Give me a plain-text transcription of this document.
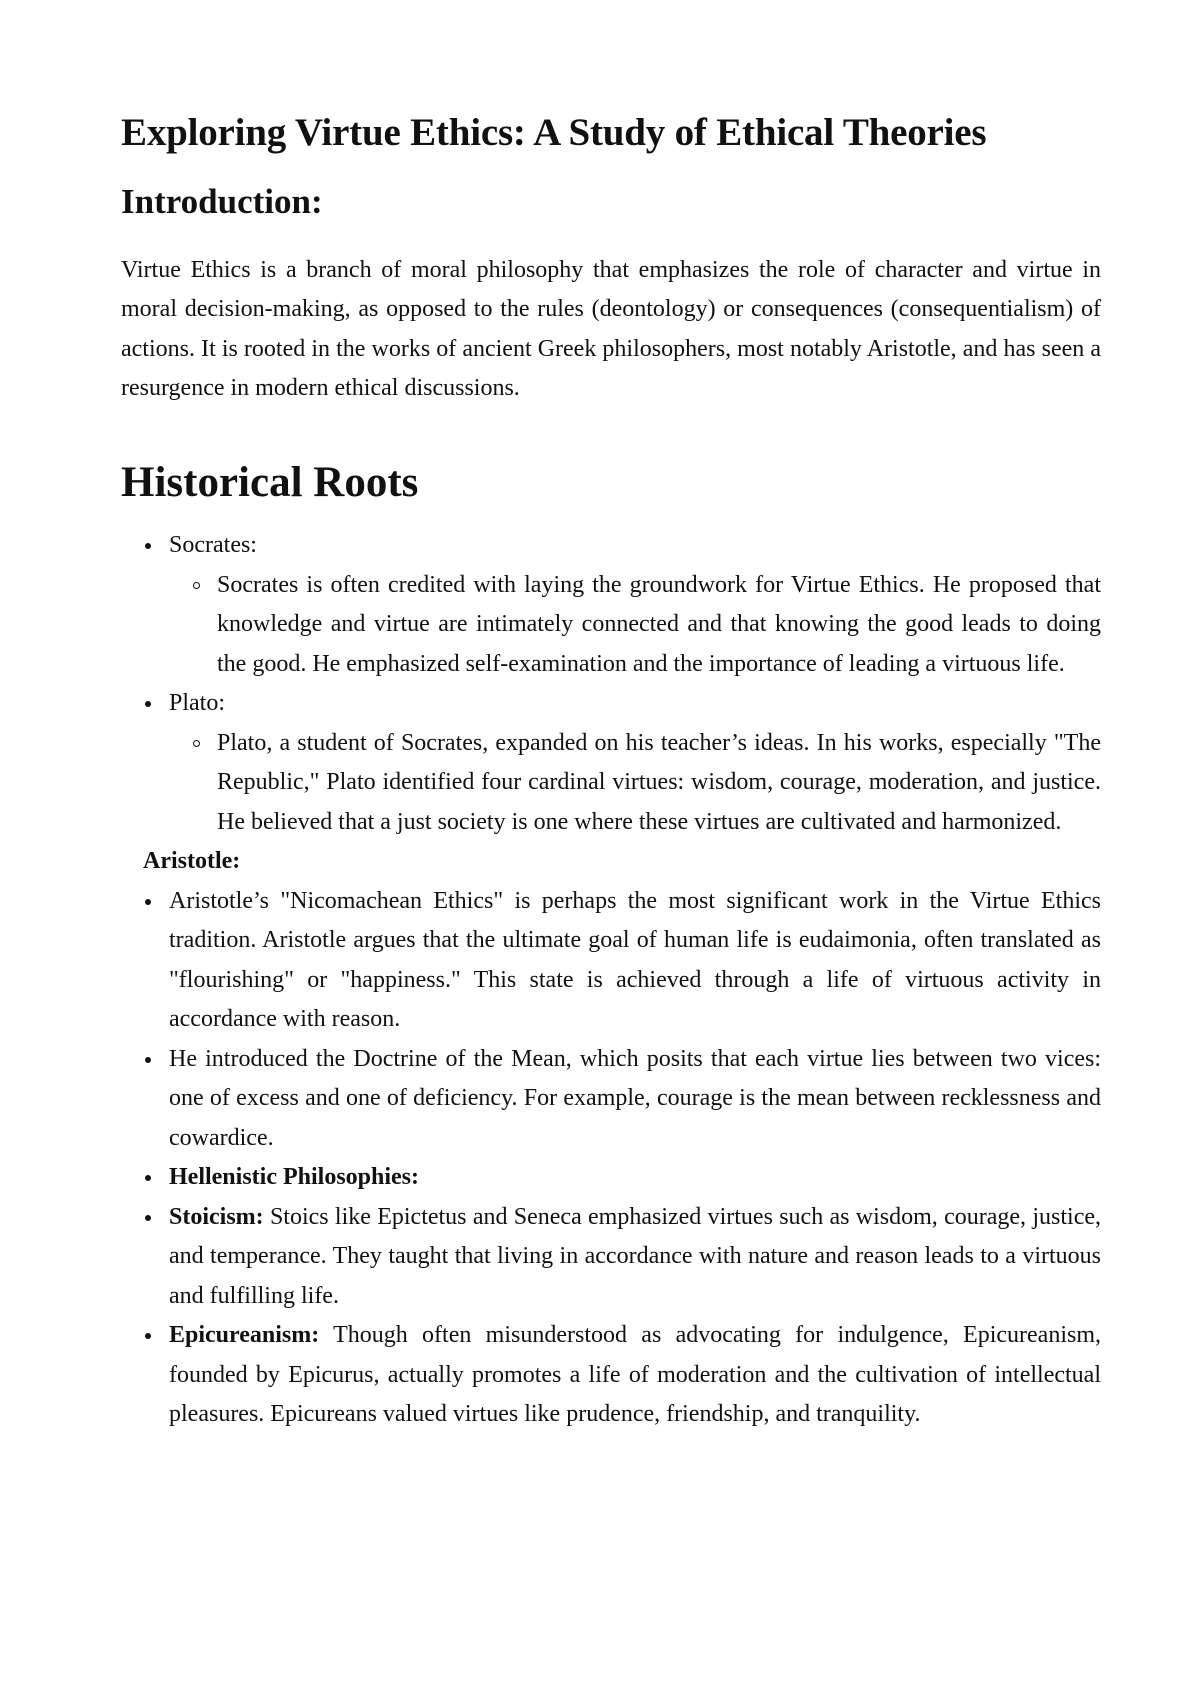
Exploring Virtue Ethics: A Study of Ethical Theories
Introduction:

Virtue Ethics is a branch of moral philosophy that emphasizes the role of character and virtue in moral decision-making, as opposed to the rules (deontology) or consequences (consequentialism) of actions. It is rooted in the works of ancient Greek philosophers, most notably Aristotle, and has seen a resurgence in modern ethical discussions.

Historical Roots
Socrates:
Socrates is often credited with laying the groundwork for Virtue Ethics. He proposed that knowledge and virtue are intimately connected and that knowing the good leads to doing the good. He emphasized self-examination and the importance of leading a virtuous life.
Plato:
Plato, a student of Socrates, expanded on his teacher’s ideas. In his works, especially "The Republic," Plato identified four cardinal virtues: wisdom, courage, moderation, and justice. He believed that a just society is one where these virtues are cultivated and harmonized.

Aristotle:

Aristotle’s "Nicomachean Ethics" is perhaps the most significant work in the Virtue Ethics tradition. Aristotle argues that the ultimate goal of human life is eudaimonia, often translated as "flourishing" or "happiness." This state is achieved through a life of virtuous activity in accordance with reason.
He introduced the Doctrine of the Mean, which posits that each virtue lies between two vices: one of excess and one of deficiency. For example, courage is the mean between recklessness and cowardice.
Hellenistic Philosophies:
Stoicism: Stoics like Epictetus and Seneca emphasized virtues such as wisdom, courage, justice, and temperance. They taught that living in accordance with nature and reason leads to a virtuous and fulfilling life.
Epicureanism: Though often misunderstood as advocating for indulgence, Epicureanism, founded by Epicurus, actually promotes a life of moderation and the cultivation of intellectual pleasures. Epicureans valued virtues like prudence, friendship, and tranquility.
